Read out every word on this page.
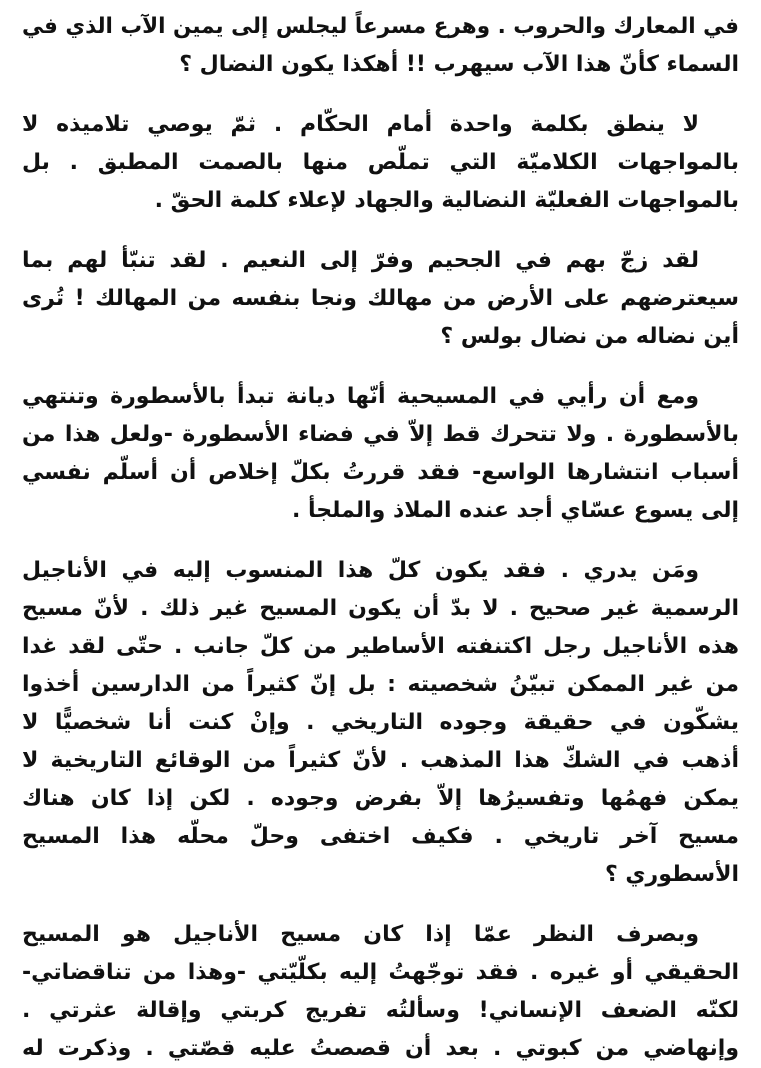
في المعارك والحروب . وهرع مسرعاً ليجلس إلى يمين الآب الذي في
السماء كأنّ هذا الآب سيهرب !! أهكذا يكون النضال ؟
لا ينطق بكلمة واحدة أمام الحكّام . ثمّ يوصي تلاميذه لا
بالمواجهات الكلاميّة التي تملّص منها بالصمت المطبق . بل
بالمواجهات الفعليّة النضالية والجهاد لإعلاء كلمة الحقّ .
لقد زجّ بهم في الجحيم وفرّ إلى النعيم . لقد تنبّأ لهم بما
سيعترضهم على الأرض من مهالك ونجا بنفسه من المهالك ! تُرى
أين نضاله من نضال بولس ؟
ومع أن رأيي في المسيحية أنّها ديانة تبدأ بالأسطورة وتنتهي
بالأسطورة . ولا تتحرك قط إلاّ في فضاء الأسطورة -ولعل هذا من
أسباب انتشارها الواسع- فقد قررتُ بكلّ إخلاص أن أسلّم نفسي
إلى يسوع عسّاي أجد عنده الملاذ والملجأ .
ومَن يدري . فقد يكون كلّ هذا المنسوب إليه في الأناجيل
الرسمية غير صحيح . لا بدّ أن يكون المسيح غير ذلك . لأنّ مسيح
هذه الأناجيل رجل اكتنفته الأساطير من كلّ جانب . حتّى لقد غدا
من غير الممكن تبيّنُ شخصيته : بل إنّ كثيراً من الدارسين أخذوا
يشكّون في حقيقة وجوده التاريخي . وإنْ كنت أنا شخصيًّا لا
أذهب في الشكّ هذا المذهب . لأنّ كثيراً من الوقائع التاريخية لا
يمكن فهمُها وتفسيرُها إلاّ بفرض وجوده . لكن إذا كان هناك
مسيح آخر تاريخي . فكيف اختفى وحلّ محلّه هذا المسيح
الأسطوري ؟
وبصرف النظر عمّا إذا كان مسيح الأناجيل هو المسيح
الحقيقي أو غيره . فقد توجّهتُ إليه بكلّيّتي -وهذا من تناقضاتي-
لكنّه الضعف الإنساني! وسألتُه تفريج كربتي وإقالة عثرتي .
وإنهاضي من كبوتي . بعد أن قصصتُ عليه قصّتي . وذكرت له
